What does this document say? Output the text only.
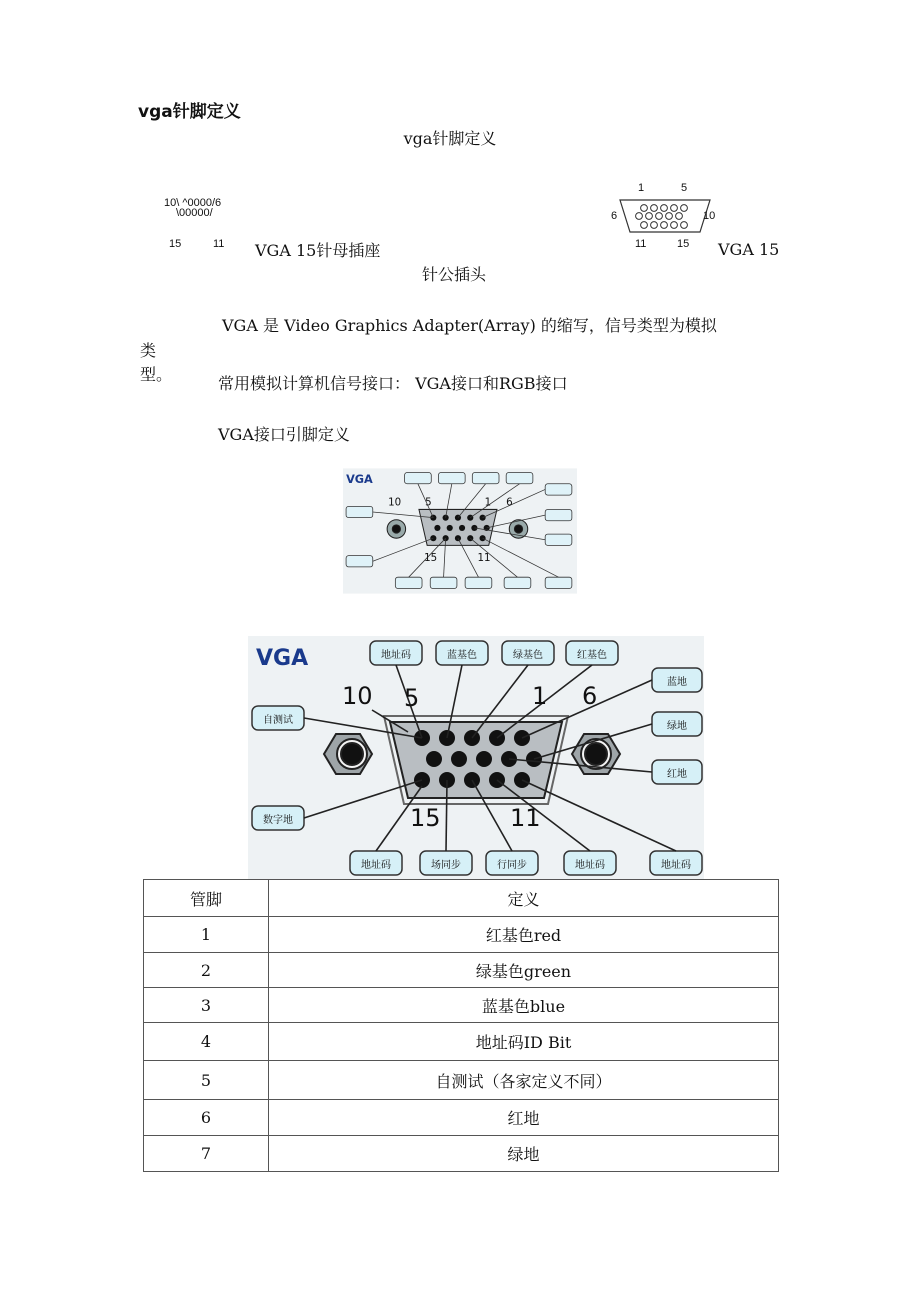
vga针脚定义
vga针脚定义
10\ ^0000/6
\00000/
15	11 VGA 15针母插座
1	5
6	10
11	15 VGA 15
针公插头
VGA 是 Video Graphics Adapter(Array) 的缩写，信号类型为模拟
类
型。	常用模拟计算机信号接口： VGA接口和RGB接口
VGA接口引脚定义
VGA
10 5	1 6
15 11
VGA
10 5	1 6
15	11
地址码	蓝基色	绿基色	红基色
蓝地
绿地
红地
自测试
数字地
地址码	场同步	行同步	地址码	地址码
管脚	定义
1	红基色red
2	绿基色green
3	蓝基色blue
4	地址码ID Bit
5	自测试（各家定义不同）
6	红地
7	绿地
